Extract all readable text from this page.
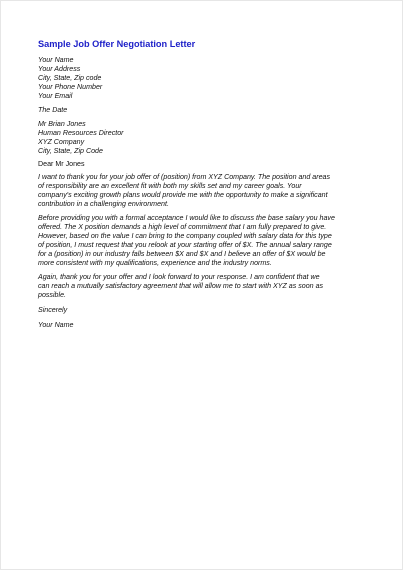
Sample Job Offer Negotiation Letter
Your Name
Your Address
City, State, Zip code
Your Phone Number
Your Email
The Date
Mr Brian Jones
Human Resources Director
XYZ Company
City, State, Zip Code
Dear Mr Jones
I want to thank you for your job offer of (position) from XYZ Company. The position and areas
of responsibility are an excellent fit with both my skills set and my career goals. Your
company's exciting growth plans would provide me with the opportunity to make a significant
contribution in a challenging environment.
Before providing you with a formal acceptance I would like to discuss the base salary you have
offered. The X position demands a high level of commitment that I am fully prepared to give.
However, based on the value I can bring to the company coupled with salary data for this type
of position, I must request that you relook at your starting offer of $X. The annual salary range
for a (position) in our industry falls between $X and $X and I believe an offer of $X would be
more consistent with my qualifications, experience and the industry norms.
Again, thank you for your offer and I look forward to your response. I am confident that we
can reach a mutually satisfactory agreement that will allow me to start with XYZ as soon as
possible.
Sincerely
Your Name
